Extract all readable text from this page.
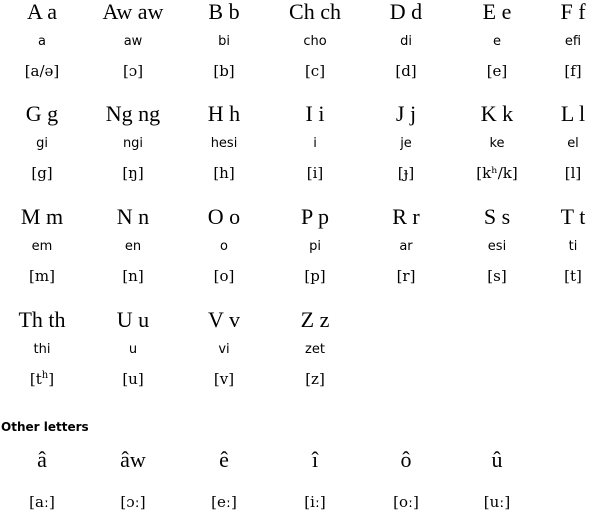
A a
a
[a/ə]
Aw aw
aw
[ɔ]
B b
bi
[b]
Ch ch
cho
[c]
D d
di
[d]
E e
e
[e]
F f
efi
[f]
G g
gi
[g]
Ng ng
ngi
[ŋ]
H h
hesi
[h]
I i
i
[i]
J j
je
[ɟ]
K k
ke
[kʰ/k]
L l
el
[l]
M m
em
[m]
N n
en
[n]
O o
o
[o]
P p
pi
[p]
R r
ar
[r]
S s
esi
[s]
T t
ti
[t]
Th th
thi
$[t^h]$
U u
u
[u]
V v
vi
[v]
Z z
zet
[z]
Other letters
â
[aː]
âw
[ɔː]
ê
[eː]
î
[iː]
ô
[oː]
û
[uː]
